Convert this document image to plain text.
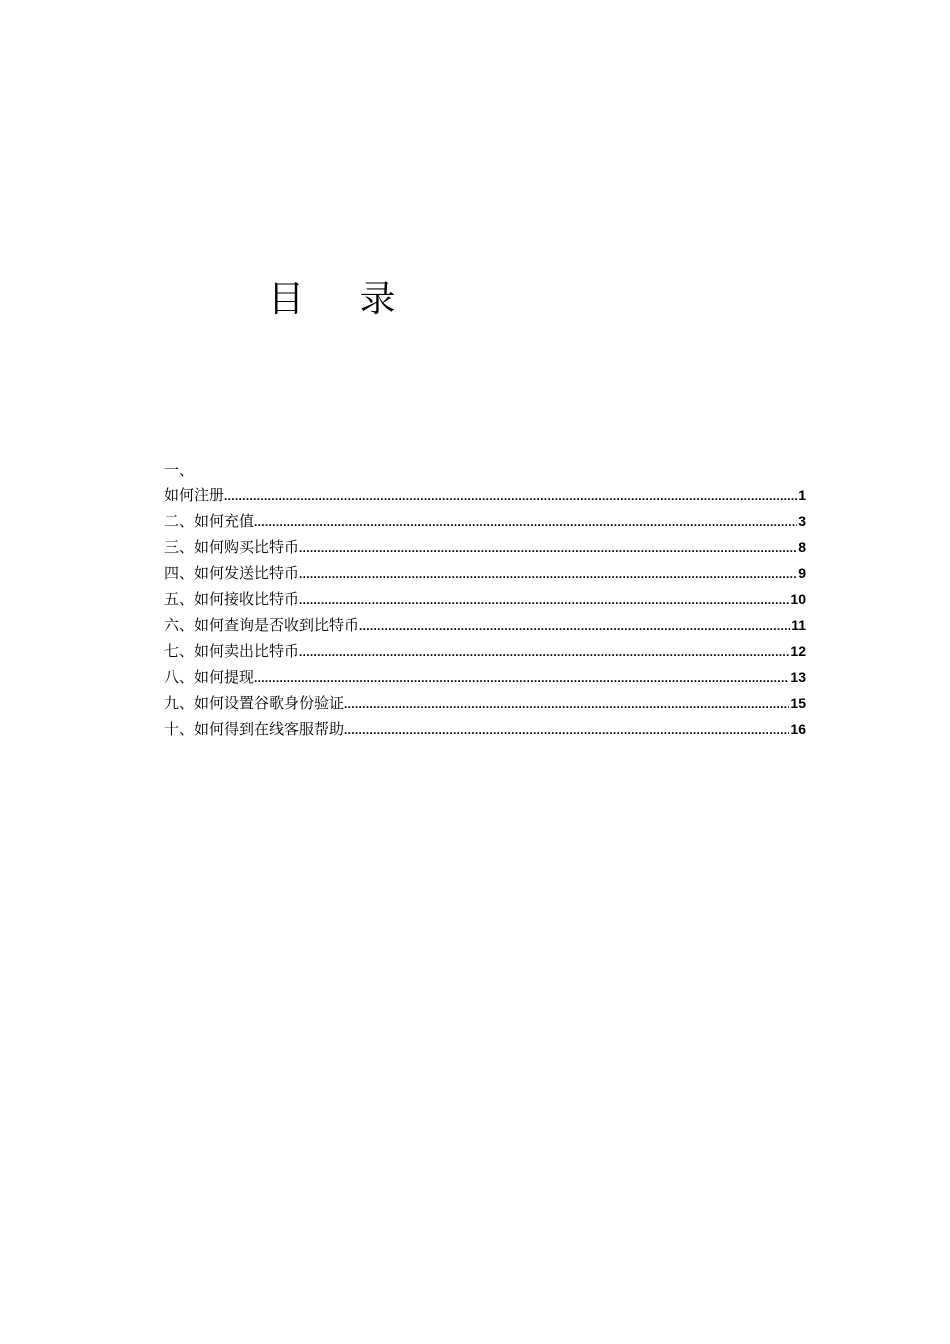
目 录
一、
如何注册 .....	1
二、如何充值 .....	3
三、如何购买比特币 .....	8
四、如何发送比特币 .....	9
五、如何接收比特币 .....	10
六、如何查询是否收到比特币 .....	11
七、如何卖出比特币 .....	12
八、如何提现 .....	13
九、如何设置谷歌身份验证 .....	15
十、如何得到在线客服帮助 .....	16
